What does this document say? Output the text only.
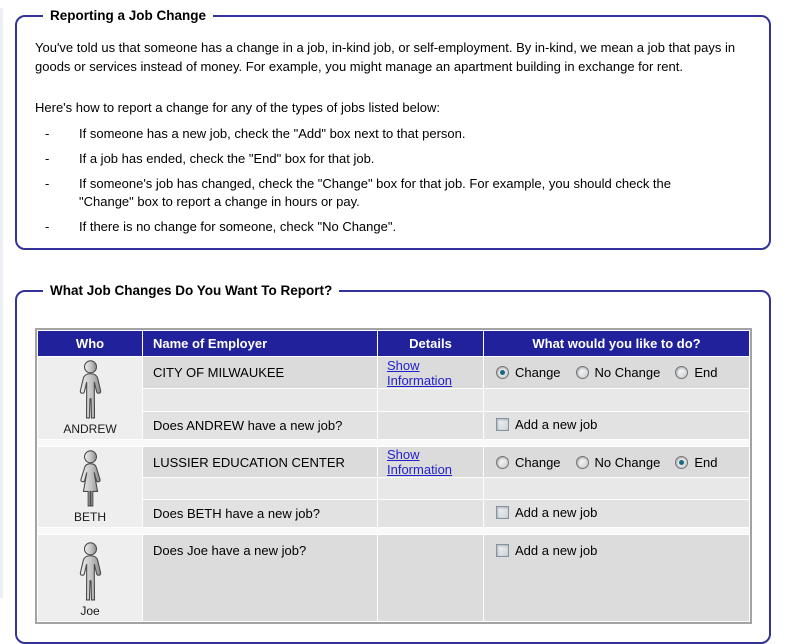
Reporting a Job Change

You've told us that someone has a change in a job, in-kind job, or self-employment. By in-kind, we mean a job that pays in goods or services instead of money. For example, you might manage an apartment building in exchange for rent.

Here's how to report a change for any of the types of jobs listed below:

-	If someone has a new job, check the "Add" box next to that person.
-	If a job has ended, check the "End" box for that job.
-	If someone's job has changed, check the "Change" box for that job. For example, you should check the "Change" box to report a change in hours or pay.
-	If there is no change for someone, check "No Change".
What Job Changes Do You Want To Report?
Who	Name of Employer	Details	What would you like to do?

ANDREW	CITY OF MILWAUKEE	Show Information	Change No Change End

	Does ANDREW have a new job?		Add a new job

BETH	LUSSIER EDUCATION CENTER	Show Information	Change No Change End

	Does BETH have a new job?		Add a new job

Joe	Does Joe have a new job?		Add a new job
